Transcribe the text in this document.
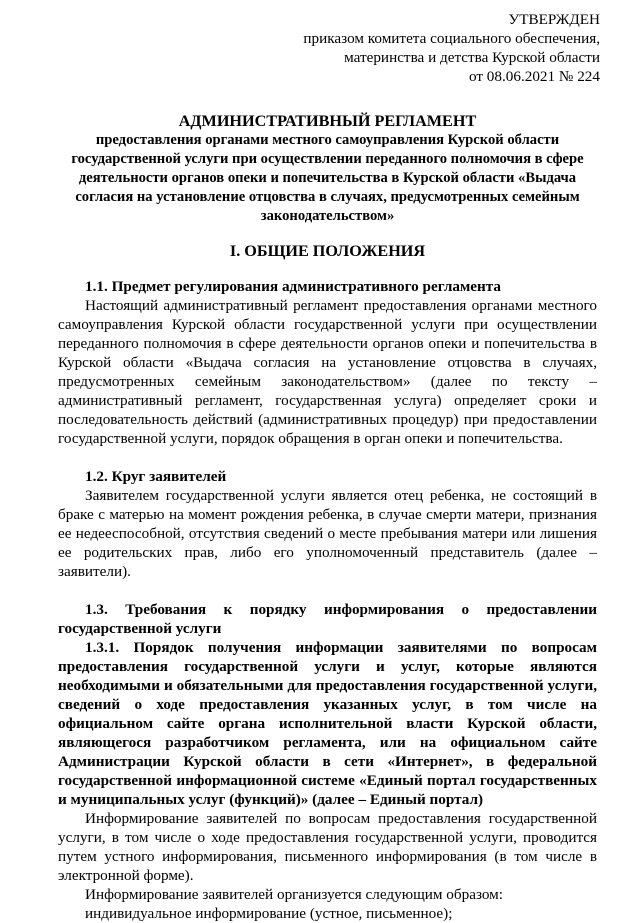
УТВЕРЖДЕН
приказом комитета социального обеспечения,
материнства и детства Курской области
от 08.06.2021 № 224
АДМИНИСТРАТИВНЫЙ РЕГЛАМЕНТ
предоставления органами местного самоуправления Курской области государственной услуги при осуществлении переданного полномочия в сфере деятельности органов опеки и попечительства в Курской области «Выдача согласия на установление отцовства в случаях, предусмотренных семейным законодательством»
I. ОБЩИЕ ПОЛОЖЕНИЯ
1.1. Предмет регулирования административного регламента

Настоящий административный регламент предоставления органами местного самоуправления Курской области государственной услуги при осуществлении переданного полномочия в сфере деятельности органов опеки и попечительства в Курской области «Выдача согласия на установление отцовства в случаях, предусмотренных семейным законодательством» (далее по тексту – административный регламент, государственная услуга) определяет сроки и последовательность действий (административных процедур) при предоставлении государственной услуги, порядок обращения в орган опеки и попечительства.

1.2. Круг заявителей

Заявителем государственной услуги является отец ребенка, не состоящий в браке с матерью на момент рождения ребенка, в случае смерти матери, признания ее недееспособной, отсутствия сведений о месте пребывания матери или лишения ее родительских прав, либо его уполномоченный представитель (далее – заявители).

1.3. Требования к порядку информирования о предоставлении государственной услуги

1.3.1. Порядок получения информации заявителями по вопросам предоставления государственной услуги и услуг, которые являются необходимыми и обязательными для предоставления государственной услуги, сведений о ходе предоставления указанных услуг, в том числе на официальном сайте органа исполнительной власти Курской области, являющегося разработчиком регламента, или на официальном сайте Администрации Курской области в сети «Интернет», в федеральной государственной информационной системе «Единый портал государственных и муниципальных услуг (функций)» (далее – Единый портал)

Информирование заявителей по вопросам предоставления государственной услуги, в том числе о ходе предоставления государственной услуги, проводится путем устного информирования, письменного информирования (в том числе в электронной форме).

Информирование заявителей организуется следующим образом:

индивидуальное информирование (устное, письменное);
